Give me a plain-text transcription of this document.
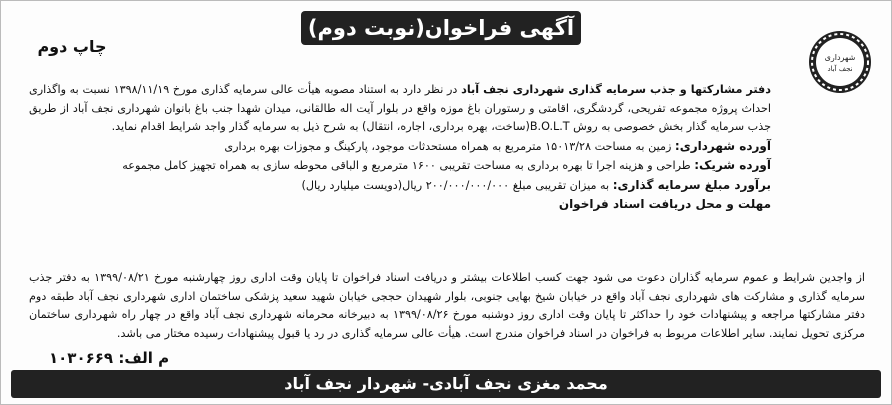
آگهی فراخوان(نوبت دوم)
چاپ دوم
شهرداری
نجف آباد

دفتر مشارکتها و جذب سرمایه گذاری شهرداری نجف آباد در نظر دارد به استناد مصوبه هیأت عالی سرمایه گذاری مورخ ۱۳۹۸/۱۱/۱۹ نسبت به واگذاری احداث پروژه مجموعه تفریحی، گردشگری، اقامتی و رستوران باغ موزه واقع در بلوار آیت اله طالقانی، میدان شهدا جنب باغ بانوان شهرداری نجف آباد از طریق جذب سرمایه گذار بخش خصوصی به روش B.O.L.T(ساخت، بهره برداری، اجاره، انتقال) به شرح ذیل به سرمایه گذار واجد شرایط اقدام نماید.

آورده شهرداری: زمین به مساحت ۱۵۰۱۳/۲۸ مترمربع به همراه مستحدثات موجود، پارکینگ و مجوزات بهره برداری

آورده شریک: طراحی و هزینه اجرا تا بهره برداری به مساحت تقریبی ۱۶۰۰ مترمربع و الباقی محوطه سازی به همراه تجهیز کامل مجموعه

برآورد مبلغ سرمایه گذاری: به میزان تقریبی مبلغ ۲۰۰/۰۰۰/۰۰۰/۰۰۰ ریال(دویست میلیارد ریال)

مهلت و محل دریافت اسناد فراخوان

از واجدین شرایط و عموم سرمایه گذاران دعوت می شود جهت کسب اطلاعات بیشتر و دریافت اسناد فراخوان تا پایان وقت اداری روز چهارشنبه مورخ ۱۳۹۹/۰۸/۲۱ به دفتر جذب سرمایه گذاری و مشارکت های شهرداری نجف آباد واقع در خیابان شیخ بهایی جنوبی، بلوار شهیدان حججی خیابان شهید سعید پزشکی ساختمان اداری شهرداری نجف آباد طبقه دوم دفتر مشارکتها مراجعه و پیشنهادات خود را حداکثر تا پایان وقت اداری روز دوشنبه مورخ ۱۳۹۹/۰۸/۲۶ به دبیرخانه محرمانه شهرداری نجف آباد واقع در چهار راه شهرداری ساختمان مرکزی تحویل نمایند. سایر اطلاعات مربوط به فراخوان در اسناد فراخوان مندرج است. هیأت عالی سرمایه گذاری در رد یا قبول پیشنهادات رسیده مختار می باشد.

م الف: ۱۰۳۰۶۶۹
محمد مغزی نجف آبادی- شهردار نجف آباد
